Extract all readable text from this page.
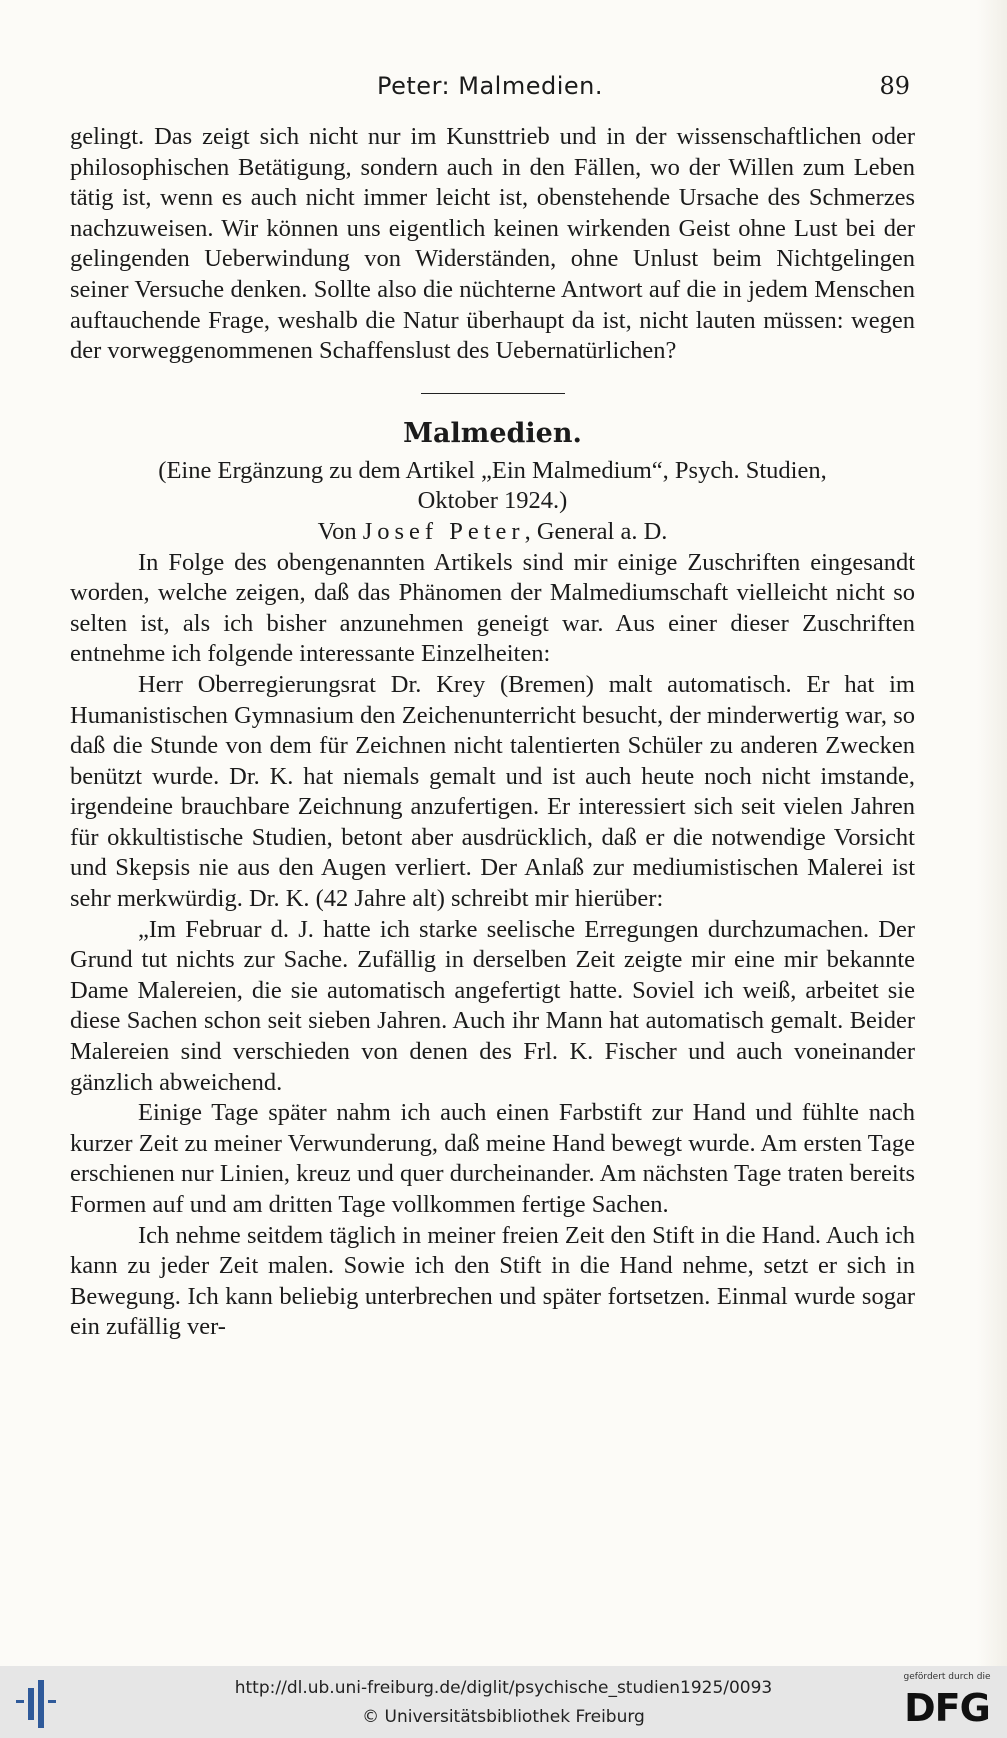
Peter: Malmedien.	89

gelingt. Das zeigt sich nicht nur im Kunsttrieb und in der wissenschaftlichen oder philosophischen Betätigung, sondern auch in den Fällen, wo der Willen zum Leben tätig ist, wenn es auch nicht immer leicht ist, obenstehende Ursache des Schmerzes nachzuweisen. Wir können uns eigentlich keinen wirkenden Geist ohne Lust bei der gelingenden Ueberwindung von Widerständen, ohne Unlust beim Nichtgelingen seiner Versuche denken. Sollte also die nüchterne Antwort auf die in jedem Menschen auftauchende Frage, weshalb die Natur überhaupt da ist, nicht lauten müssen: wegen der vorweggenommenen Schaffenslust des Uebernatürlichen?

Malmedien.

(Eine Ergänzung zu dem Artikel „Ein Malmedium“, Psych. Studien,

Oktober 1924.)

Von Josef Peter, General a. D.

In Folge des obengenannten Artikels sind mir einige Zuschriften eingesandt worden, welche zeigen, daß das Phänomen der Malmediumschaft vielleicht nicht so selten ist, als ich bisher anzunehmen geneigt war. Aus einer dieser Zuschriften entnehme ich folgende interessante Einzelheiten:

Herr Oberregierungsrat Dr. Krey (Bremen) malt automatisch. Er hat im Humanistischen Gymnasium den Zeichenunterricht besucht, der minderwertig war, so daß die Stunde von dem für Zeichnen nicht talentierten Schüler zu anderen Zwecken benützt wurde. Dr. K. hat niemals gemalt und ist auch heute noch nicht imstande, irgendeine brauchbare Zeichnung anzufertigen. Er interessiert sich seit vielen Jahren für okkultistische Studien, betont aber ausdrücklich, daß er die notwendige Vorsicht und Skepsis nie aus den Augen verliert. Der Anlaß zur mediumistischen Malerei ist sehr merkwürdig. Dr. K. (42 Jahre alt) schreibt mir hierüber:

„Im Februar d. J. hatte ich starke seelische Erregungen durchzumachen. Der Grund tut nichts zur Sache. Zufällig in derselben Zeit zeigte mir eine mir bekannte Dame Malereien, die sie automatisch angefertigt hatte. Soviel ich weiß, arbeitet sie diese Sachen schon seit sieben Jahren. Auch ihr Mann hat automatisch gemalt. Beider Malereien sind verschieden von denen des Frl. K. Fischer und auch voneinander gänzlich abweichend.

Einige Tage später nahm ich auch einen Farbstift zur Hand und fühlte nach kurzer Zeit zu meiner Verwunderung, daß meine Hand bewegt wurde. Am ersten Tage erschienen nur Linien, kreuz und quer durcheinander. Am nächsten Tage traten bereits Formen auf und am dritten Tage vollkommen fertige Sachen.

Ich nehme seitdem täglich in meiner freien Zeit den Stift in die Hand. Auch ich kann zu jeder Zeit malen. Sowie ich den Stift in die Hand nehme, setzt er sich in Bewegung. Ich kann beliebig unterbrechen und später fortsetzen. Einmal wurde sogar ein zufällig ver-

http://dl.ub.uni-freiburg.de/diglit/psychische_studien1925/0093
© Universitätsbibliothek Freiburg
gefördert durch die
DFG
